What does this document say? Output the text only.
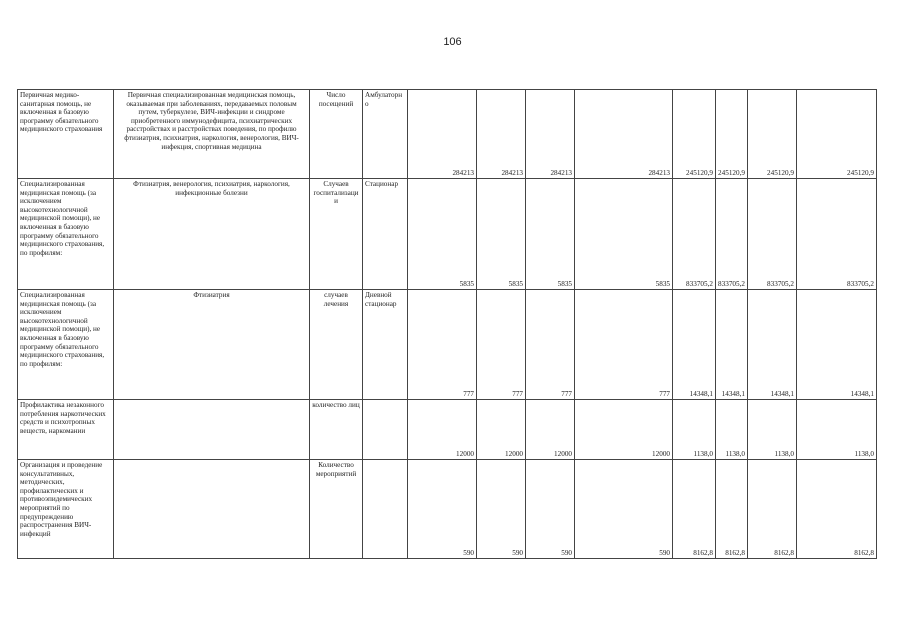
106
Первичная медико-санитарная помощь, не включенная в базовую программу обязательного медицинского страхования	Первичная специализированная медицинская помощь, оказываемая при заболеваниях, передаваемых половым путем, туберкулезе, ВИЧ-инфекции и синдроме приобретенного иммунодефицита, психиатрических расстройствах и расстройствах поведения, по профилю фтизиатрия, психиатрия, наркология, венерология, ВИЧ-инфекция, спортивная медицина	Число посещений	Амбулаторно	284213	284213	284213	284213	245120,9	245120,9	245120,9	245120,9
Специализированная медицинская помощь (за исключением высокотехнологичной медицинской помощи), не включенная в базовую программу обязательного медицинского страхования, по профилям:	Фтизиатрия, венерология, психиатрия, наркология, инфекционные болезни	Случаев госпитализации	Стационар	5835	5835	5835	5835	833705,2	833705,2	833705,2	833705,2
Специализированная медицинская помощь (за исключением высокотехнологичной медицинской помощи), не включенная в базовую программу обязательного медицинского страхования, по профилям:	Фтизиатрия	случаев лечения	Дневной стационар	777	777	777	777	14348,1	14348,1	14348,1	14348,1
Профилактика незаконного потребления наркотических средств и психотропных веществ, наркомании		количество лиц		12000	12000	12000	12000	1138,0	1138,0	1138,0	1138,0
Организация и проведение консультативных, методических, профилактических и противоэпидемических мероприятий по предупреждению распространения ВИЧ-инфекций		Количество мероприятий		590	590	590	590	8162,8	8162,8	8162,8	8162,8
